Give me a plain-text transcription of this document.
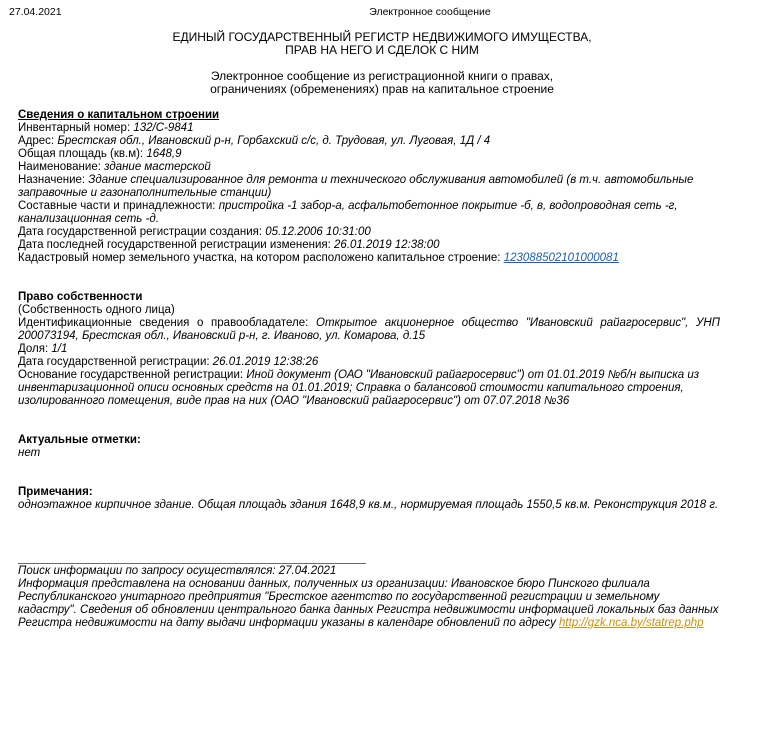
27.04.2021	Электронное сообщение
ЕДИНЫЙ ГОСУДАРСТВЕННЫЙ РЕГИСТР НЕДВИЖИМОГО ИМУЩЕСТВА,
ПРАВ НА НЕГО И СДЕЛОК С НИМ
Электронное сообщение из регистрационной книги о правах,
ограничениях (обременениях) прав на капитальное строение
Сведения о капитальном строении
Инвентарный номер: 132/С-9841
Адрес: Брестская обл., Ивановский р-н, Горбахский с/с, д. Трудовая, ул. Луговая, 1Д / 4
Общая площадь (кв.м): 1648,9
Наименование: здание мастерской
Назначение: Здание специализированное для ремонта и технического обслуживания автомобилей (в т.ч. автомобильные заправочные и газонаполнительные станции)
Составные части и принадлежности: пристройка -1 забор-а, асфальтобетонное покрытие -б, в, водопроводная сеть -г, канализационная сеть -д.
Дата государственной регистрации создания: 05.12.2006 10:31:00
Дата последней государственной регистрации изменения: 26.01.2019 12:38:00
Кадастровый номер земельного участка, на котором расположено капитальное строение: 123088502101000081
Право собственности
(Собственность одного лица)
Идентификационные сведения о правообладателе: Открытое акционерное общество "Ивановский райагросервис", УНП 200073194, Брестская обл., Ивановский р-н, г. Иваново, ул. Комарова, д.15
Доля: 1/1
Дата государственной регистрации: 26.01.2019 12:38:26
Основание государственной регистрации: Иной документ (ОАО "Ивановский райагросервис") от 01.01.2019 №б/н выписка из инвентаризационной описи основных средств на 01.01.2019; Справка о балансовой стоимости капитального строения, изолированного помещения, виде прав на них (ОАО "Ивановский райагросервис") от 07.07.2018 №36
Актуальные отметки:
нет
Примечания:
одноэтажное кирпичное здание. Общая площадь здания 1648,9 кв.м., нормируемая площадь 1550,5 кв.м. Реконструкция 2018 г.
Поиск информации по запросу осуществлялся: 27.04.2021
Информация представлена на основании данных, полученных из организации: Ивановское бюро Пинского филиала Республиканского унитарного предприятия "Брестское агентство по государственной регистрации и земельному кадастру". Сведения об обновлении центрального банка данных Регистра недвижимости информацией локальных баз данных Регистра недвижимости на дату выдачи информации указаны в календаре обновлений по адресу http://gzk.nca.by/statrep.php
